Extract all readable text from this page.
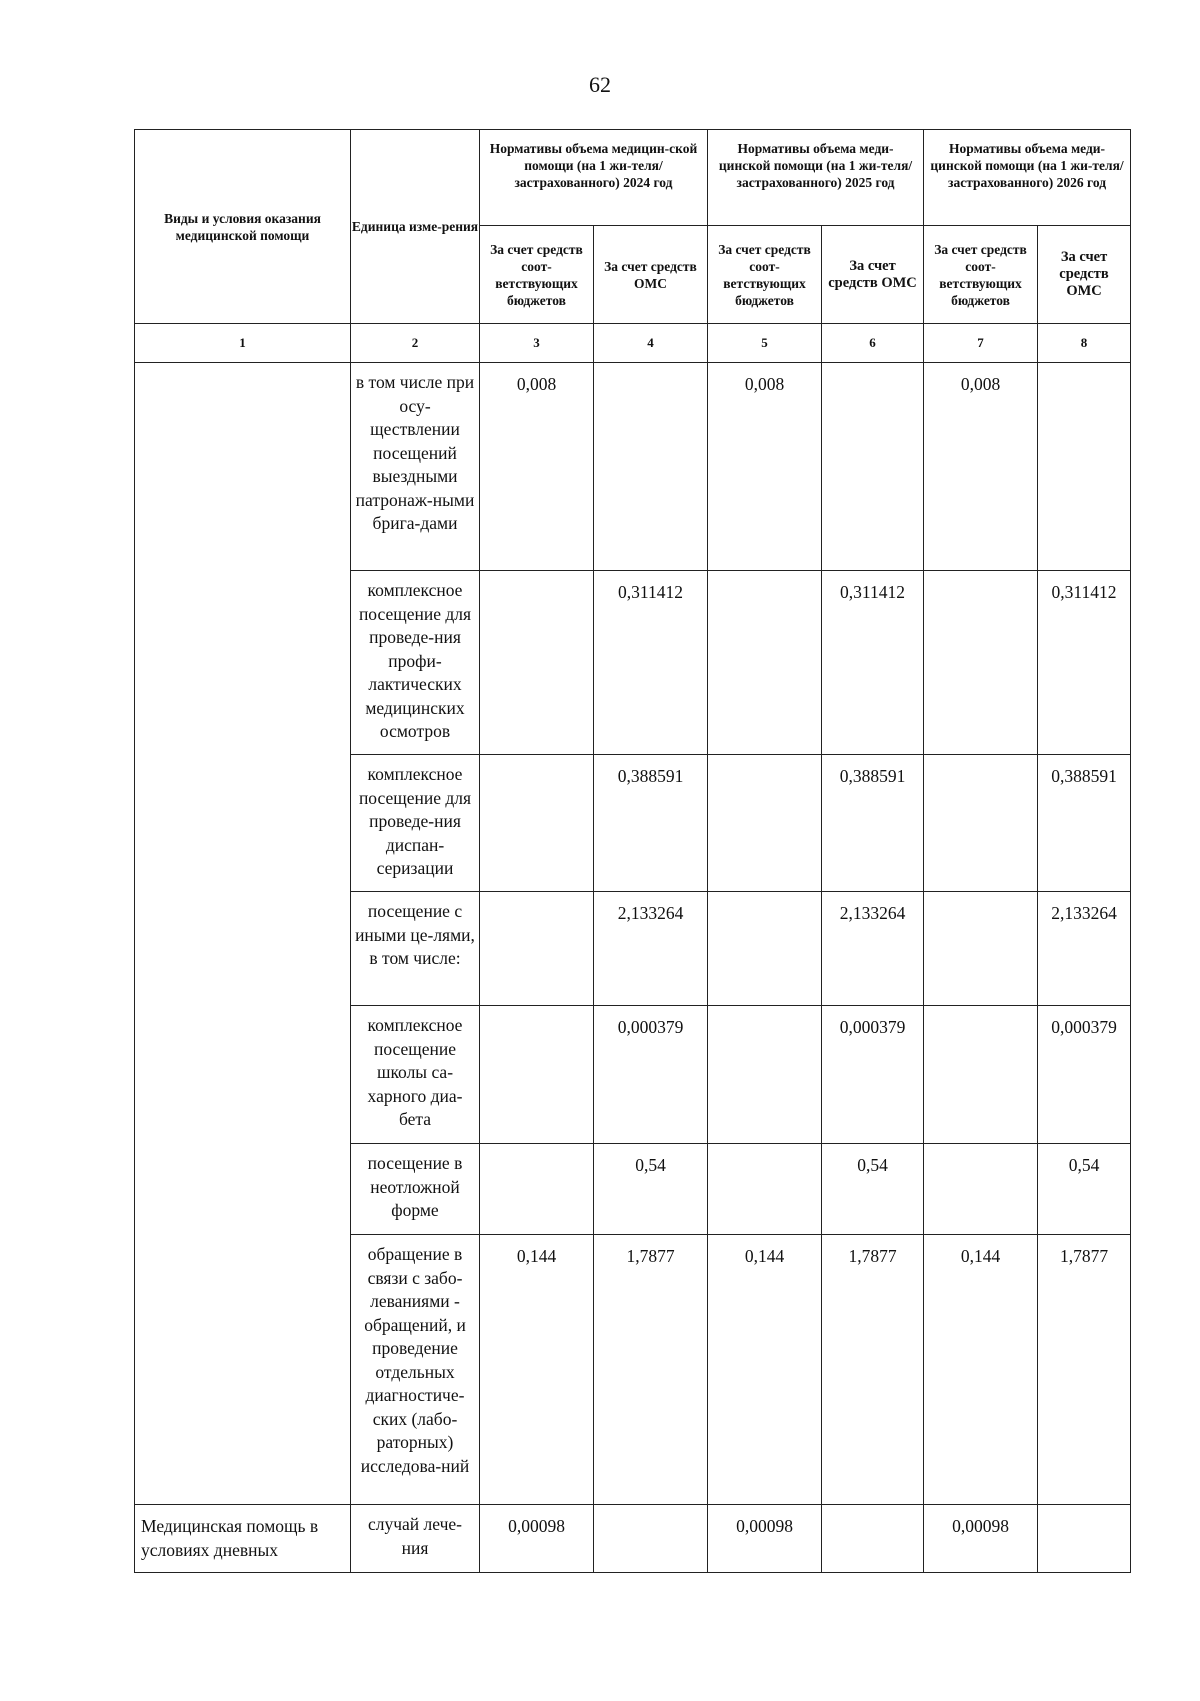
62
Виды и условия оказания медицинской помощи	Единица изме-рения	Нормативы объема медицин-ской помощи (на 1 жи-теля/застрахованного) 2024 год		Нормативы объема меди-цинской помощи (на 1 жи-теля/застрахованного) 2025 год		Нормативы объема меди-цинской помощи (на 1 жи-теля/застрахованного) 2026 год	
		За счет средств соот-ветствующих бюджетов	За счет средств ОМС	За счет средств соот-ветствующих бюджетов	За счет средств ОМС	За счет средств соот-ветствующих бюджетов	За счет средств ОМС
1	2	3	4	5	6	7	8
	в том числе при осу-ществлении посещений выездными патронаж-ными брига-дами	0,008		0,008		0,008	
	комплексное посещение для проведе-ния профи-лактических медицинских осмотров		0,311412		0,311412		0,311412
	комплексное посещение для проведе-ния диспан-серизации		0,388591		0,388591		0,388591
	посещение с иными це-лями, в том числе:		2,133264		2,133264		2,133264
	комплексное посещение школы са-харного диа-бета		0,000379		0,000379		0,000379
	посещение в неотложной форме		0,54		0,54		0,54
	обращение в связи с забо-леваниями - обращений, и проведение отдельных диагностиче-ских (лабо-раторных) исследова-ний	0,144	1,7877	0,144	1,7877	0,144	1,7877
Медицинская помощь в условиях дневных	случай лече-ния	0,00098		0,00098		0,00098	
